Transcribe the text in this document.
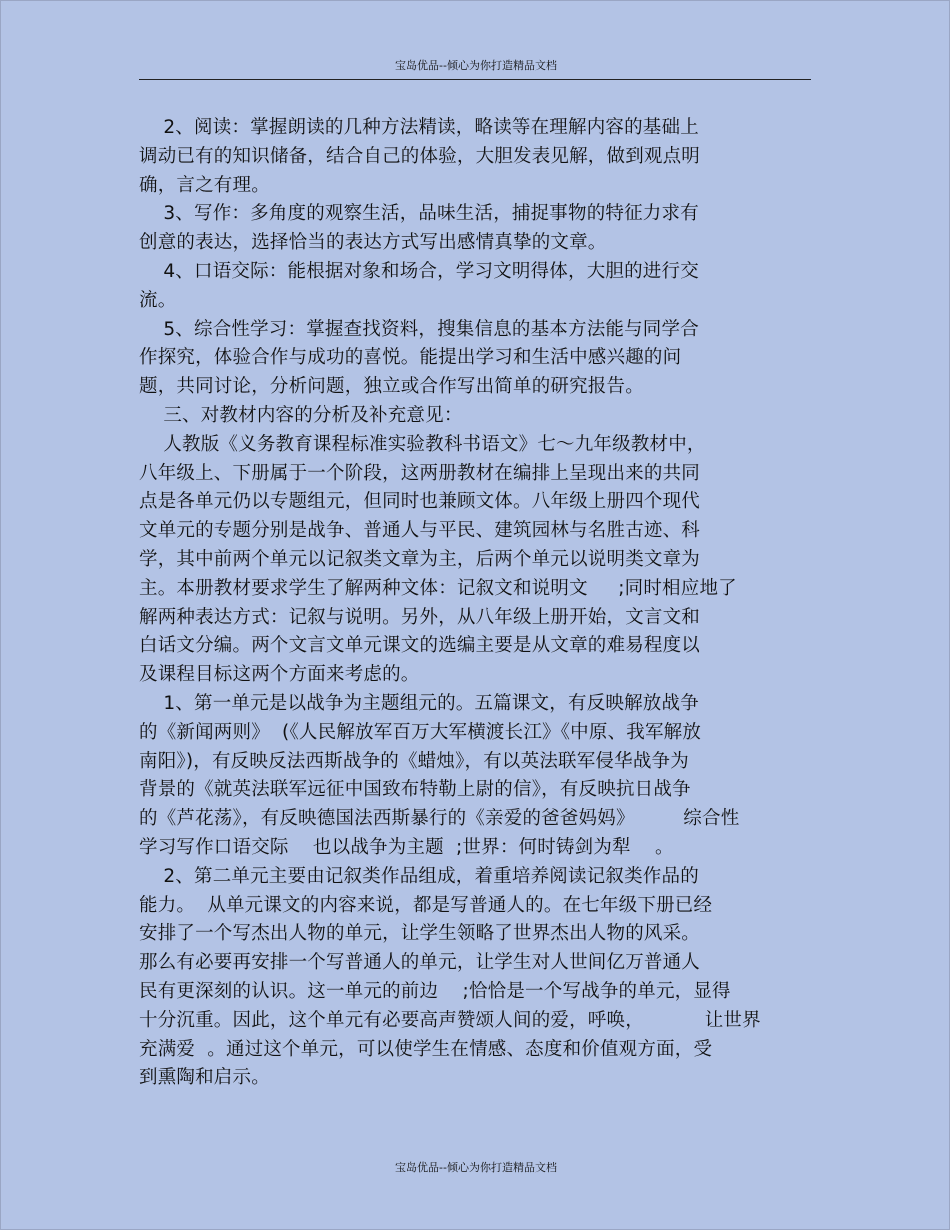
宝岛优品--倾心为你打造精品文档
2、阅读：掌握朗读的几种方法精读，略读等在理解内容的基础上
调动已有的知识储备，结合自己的体验，大胆发表见解，做到观点明
确，言之有理。
3、写作：多角度的观察生活，品味生活，捕捉事物的特征力求有
创意的表达，选择恰当的表达方式写出感情真挚的文章。
4、口语交际：能根据对象和场合，学习文明得体，大胆的进行交
流。
5、综合性学习：掌握查找资料，搜集信息的基本方法能与同学合
作探究，体验合作与成功的喜悦。能提出学习和生活中感兴趣的问
题，共同讨论，分析问题，独立或合作写出简单的研究报告。
三、对教材内容的分析及补充意见：
人教版《义务教育课程标准实验教科书语文》七～九年级教材中，
八年级上、下册属于一个阶段，这两册教材在编排上呈现出来的共同
点是各单元仍以专题组元，但同时也兼顾文体。八年级上册四个现代
文单元的专题分别是战争、普通人与平民、建筑园林与名胜古迹、科
学，其中前两个单元以记叙类文章为主，后两个单元以说明类文章为
主。本册教材要求学生了解两种文体：记叙文和说明文     ;同时相应地了
解两种表达方式：记叙与说明。另外，从八年级上册开始，文言文和
白话文分编。两个文言文单元课文的选编主要是从文章的难易程度以
及课程目标这两个方面来考虑的。
1、第一单元是以战争为主题组元的。五篇课文，有反映解放战争
的《新闻两则》  (《人民解放军百万大军横渡长江》《中原、我军解放
南阳》)，有反映反法西斯战争的《蜡烛》，有以英法联军侵华战争为
背景的《就英法联军远征中国致布特勒上尉的信》，有反映抗日战争
的《芦花荡》，有反映德国法西斯暴行的《亲爱的爸爸妈妈》        综合性
学习写作口语交际    也以战争为主题  ;世界：何时铸剑为犁    。
2、第二单元主要由记叙类作品组成，着重培养阅读记叙类作品的
能力。  从单元课文的内容来说，都是写普通人的。在七年级下册已经
安排了一个写杰出人物的单元，让学生领略了世界杰出人物的风采。
那么有必要再安排一个写普通人的单元，让学生对人世间亿万普通人
民有更深刻的认识。这一单元的前边    ;恰恰是一个写战争的单元，显得
十分沉重。因此，这个单元有必要高声赞颂人间的爱，呼唤，          让世界
充满爱  。通过这个单元，可以使学生在情感、态度和价值观方面，受
到熏陶和启示。
宝岛优品--倾心为你打造精品文档
